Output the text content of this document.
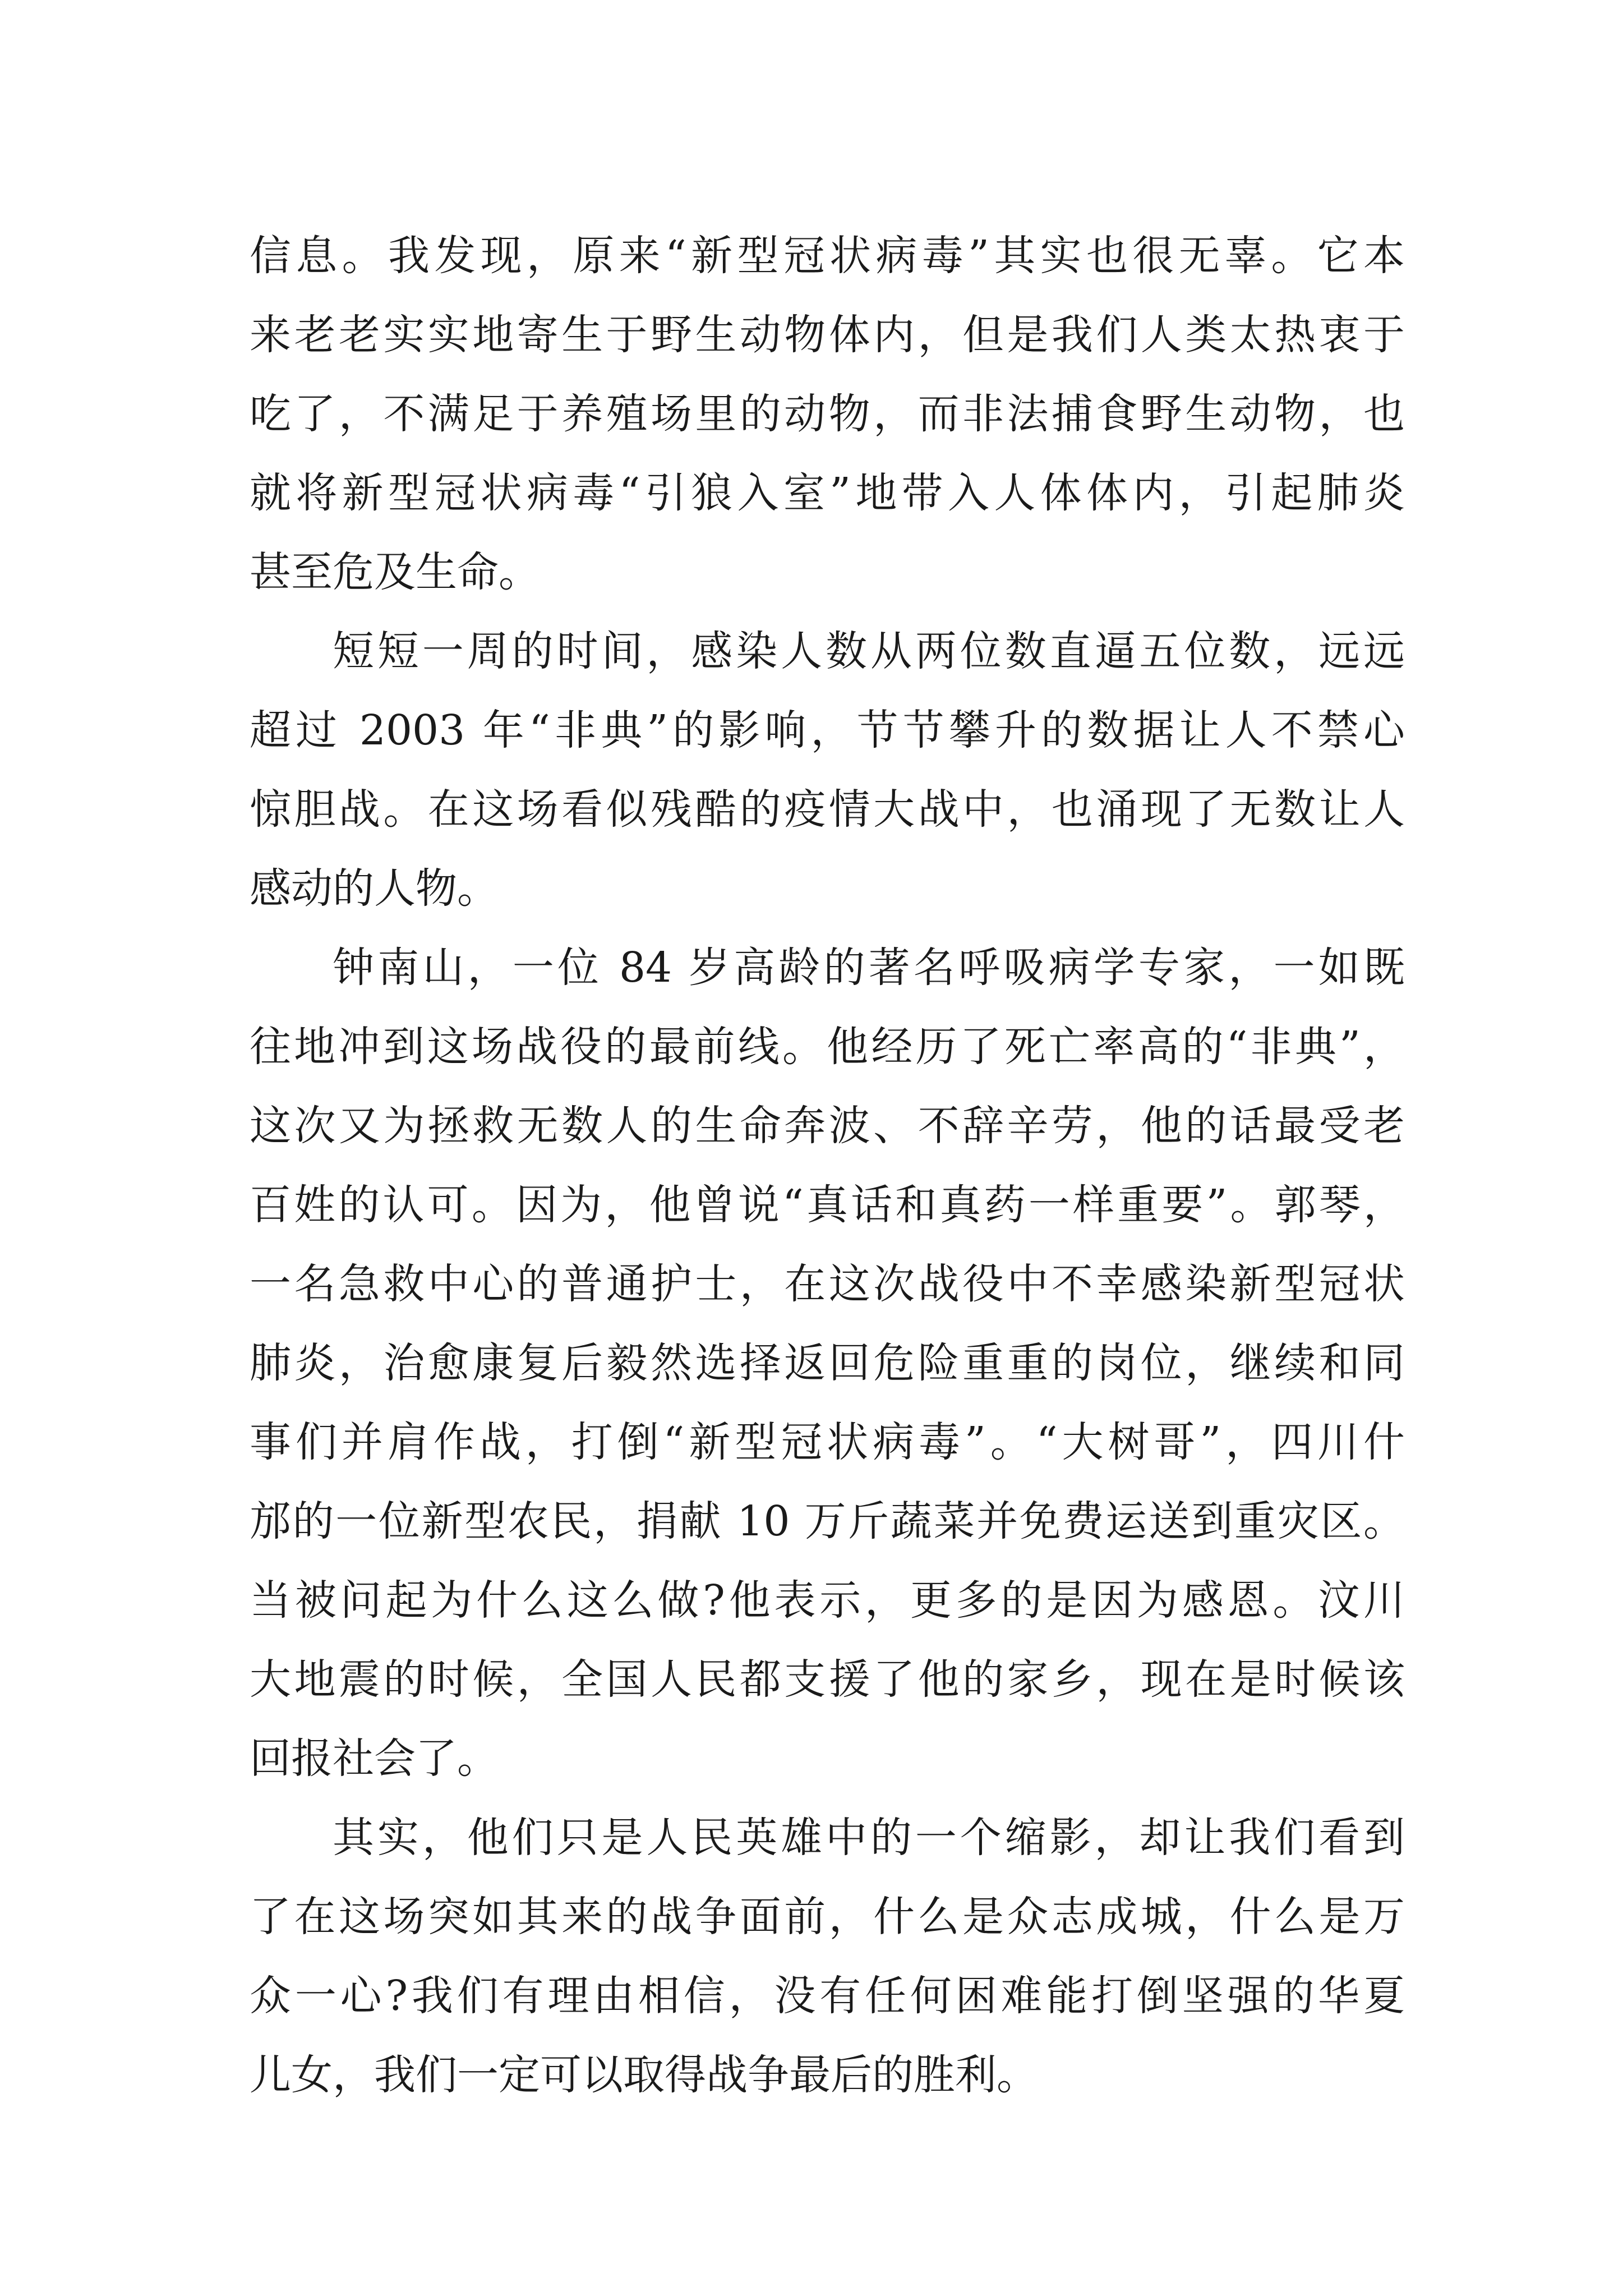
信息。我发现，原来“新型冠状病毒”其实也很无辜。它本
来老老实实地寄生于野生动物体内，但是我们人类太热衷于
吃了，不满足于养殖场里的动物，而非法捕食野生动物，也
就将新型冠状病毒“引狼入室”地带入人体体内，引起肺炎
甚至危及生命。
短短一周的时间，感染人数从两位数直逼五位数，远远
超过 2003 年“非典”的影响，节节攀升的数据让人不禁心
惊胆战。在这场看似残酷的疫情大战中，也涌现了无数让人
感动的人物。
钟南山，一位 84 岁高龄的著名呼吸病学专家，一如既
往地冲到这场战役的最前线。他经历了死亡率高的“非典”，
这次又为拯救无数人的生命奔波、不辞辛劳，他的话最受老
百姓的认可。因为，他曾说“真话和真药一样重要”。郭琴，
一名急救中心的普通护士，在这次战役中不幸感染新型冠状
肺炎，治愈康复后毅然选择返回危险重重的岗位，继续和同
事们并肩作战，打倒“新型冠状病毒”。“大树哥”，四川什
邡的一位新型农民，捐献 10 万斤蔬菜并免费运送到重灾区。
当被问起为什么这么做?他表示，更多的是因为感恩。汶川
大地震的时候，全国人民都支援了他的家乡，现在是时候该
回报社会了。
其实，他们只是人民英雄中的一个缩影，却让我们看到
了在这场突如其来的战争面前，什么是众志成城，什么是万
众一心?我们有理由相信，没有任何困难能打倒坚强的华夏
儿女，我们一定可以取得战争最后的胜利。
